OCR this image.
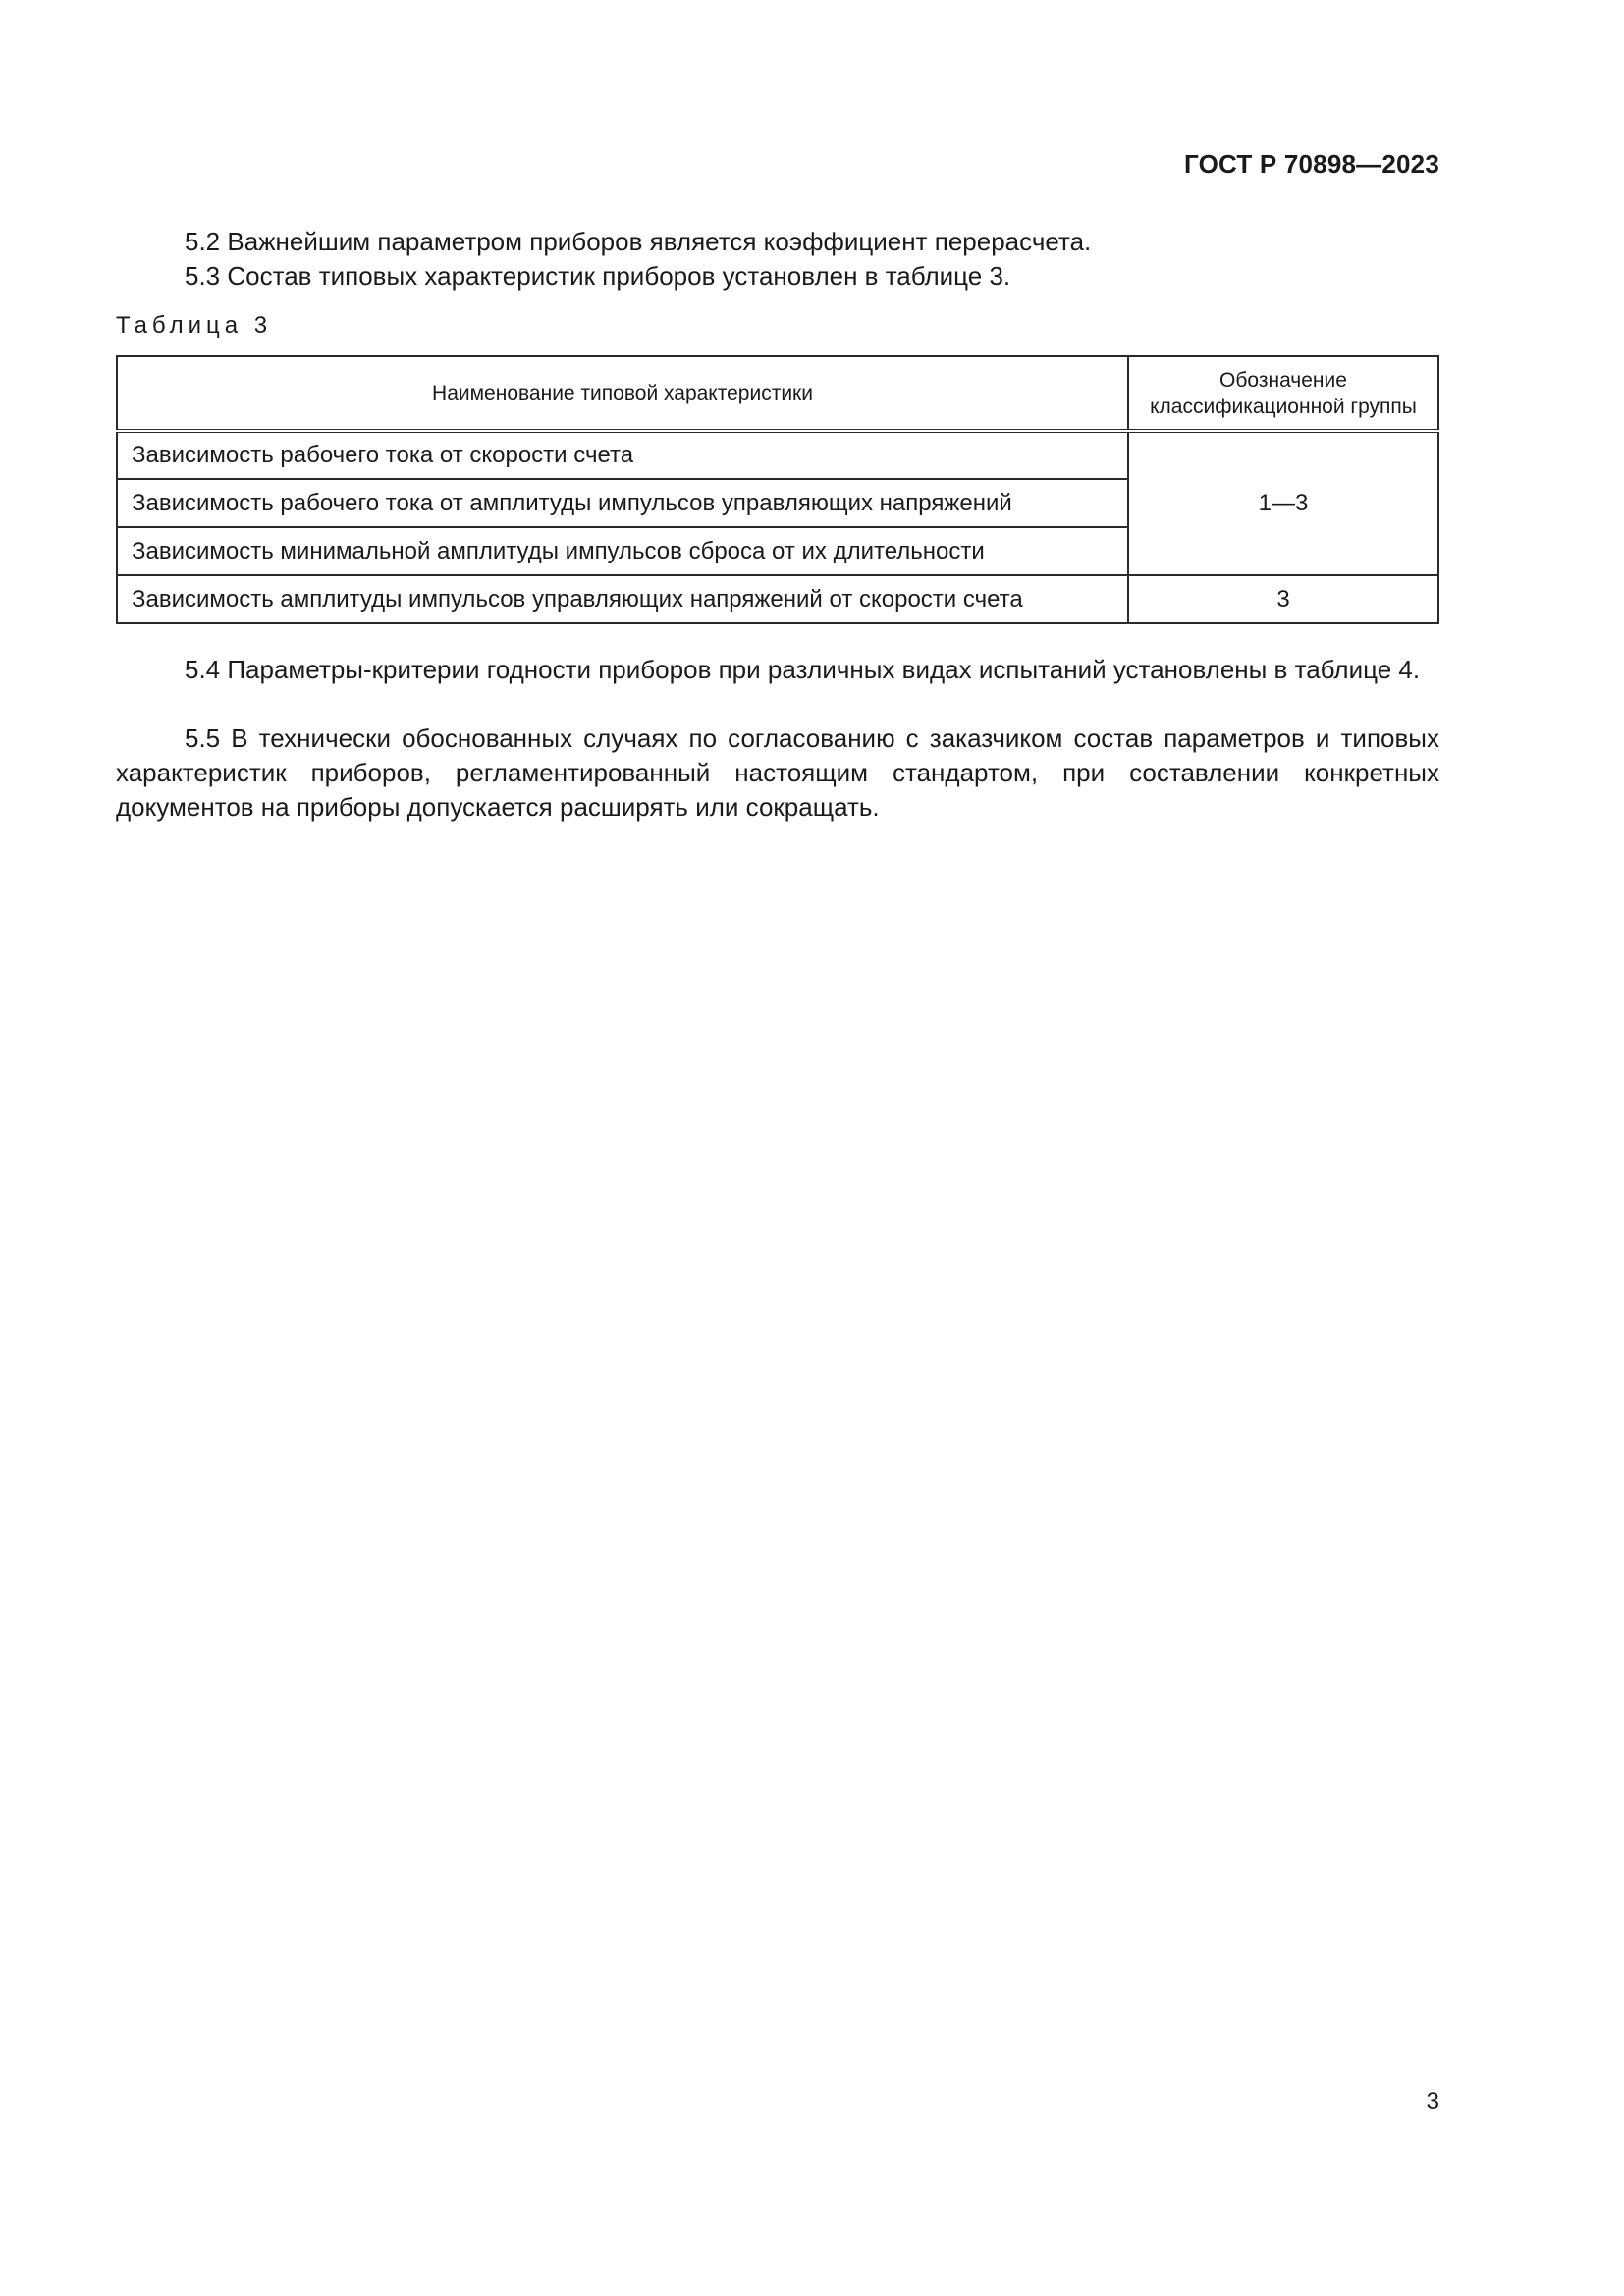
ГОСТ Р 70898—2023

5.2 Важнейшим параметром приборов является коэффициент перерасчета.

5.3 Состав типовых характеристик приборов установлен в таблице 3.

Таблица 3
Наименование типовой характеристики	Обозначение классификационной группы
Зависимость рабочего тока от скорости счета	1—3
Зависимость рабочего тока от амплитуды импульсов управляющих напряжений	
Зависимость минимальной амплитуды импульсов сброса от их длительности	
Зависимость амплитуды импульсов управляющих напряжений от скорости счета	3

5.4 Параметры-критерии годности приборов при различных видах испытаний установлены в таблице 4.

5.5 В технически обоснованных случаях по согласованию с заказчиком состав параметров и типовых характеристик приборов, регламентированный настоящим стандартом, при составлении конкретных документов на приборы допускается расширять или сокращать.

3
